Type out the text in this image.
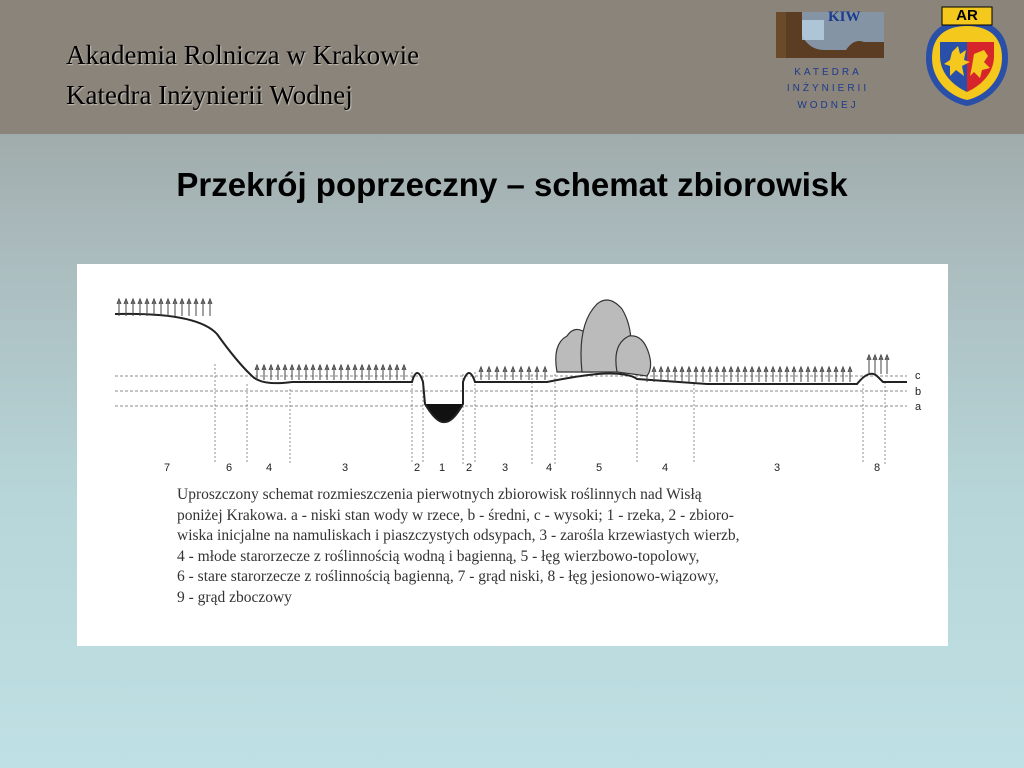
Akademia Rolnicza w Krakowie
Katedra Inżynierii Wodnej
KIW
KATEDRA
INŻYNIERII
WODNEJ
AR
Przekrój poprzeczny – schemat zbiorowisk
7	6	4	3	2 1 2	3	4	5	4	3	8
c
b
a
Uproszczony schemat rozmieszczenia pierwotnych zbiorowisk roślinnych nad Wisłą
poniżej Krakowa. a - niski stan wody w rzece, b - średni, c - wysoki; 1 - rzeka, 2 - zbioro-
wiska inicjalne na namuliskach i piaszczystych odsypach, 3 - zarośla krzewiastych wierzb,
4 - młode starorzecze z roślinnością wodną i bagienną, 5 - łęg wierzbowo-topolowy,
6 - stare starorzecze z roślinnością bagienną, 7 - grąd niski, 8 - łęg jesionowo-wiązowy,
9 - grąd zboczowy
